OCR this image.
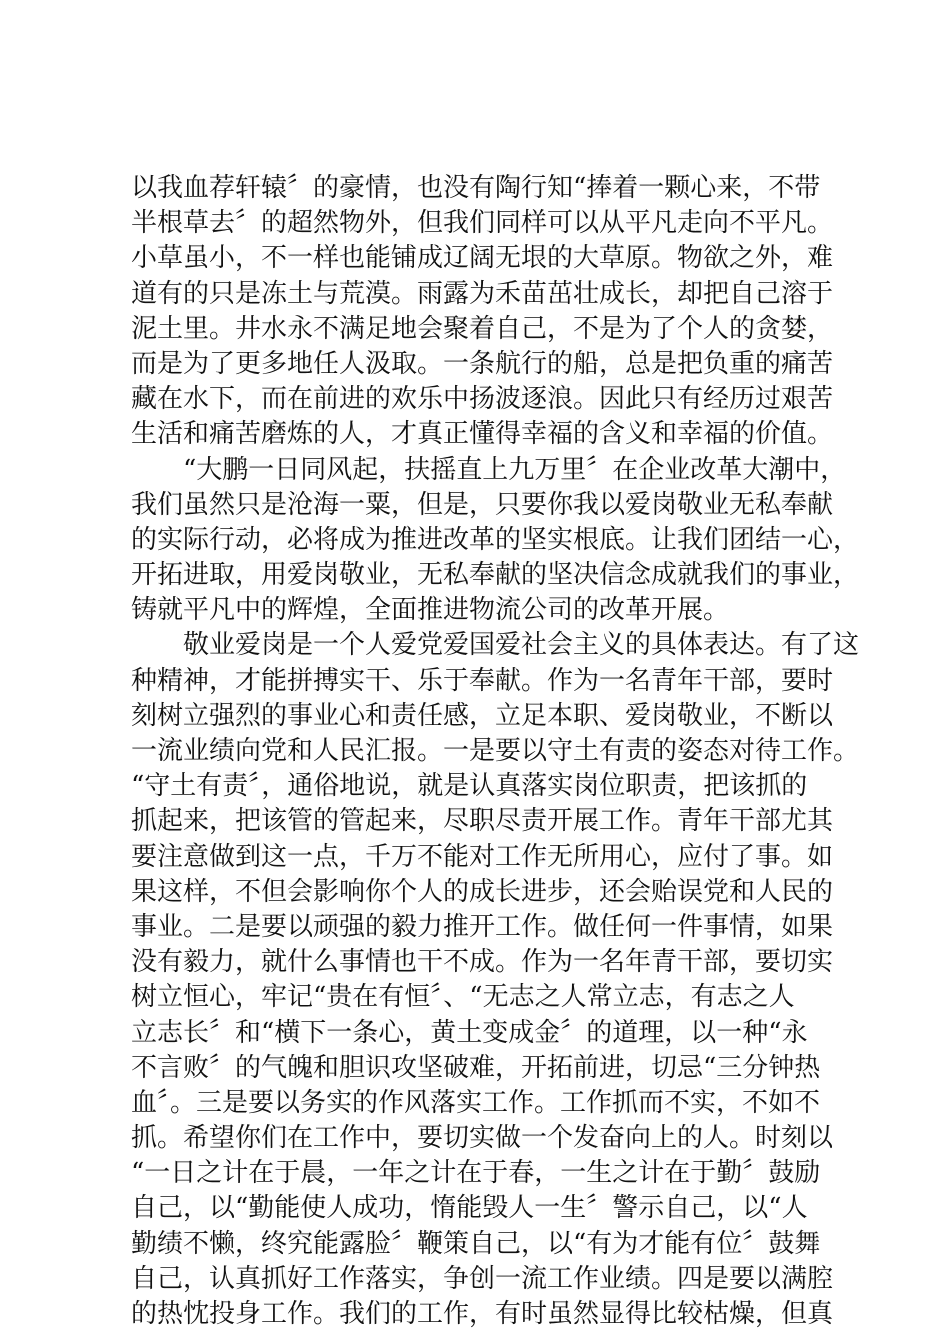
以我血荐轩辕〞的豪情，也没有陶行知“捧着一颗心来，不带
半根草去〞的超然物外，但我们同样可以从平凡走向不平凡。
小草虽小，不一样也能铺成辽阔无垠的大草原。物欲之外，难
道有的只是冻土与荒漠。雨露为禾苗茁壮成长，却把自己溶于
泥土里。井水永不满足地会聚着自己，不是为了个人的贪婪，
而是为了更多地任人汲取。一条航行的船，总是把负重的痛苦
藏在水下，而在前进的欢乐中扬波逐浪。因此只有经历过艰苦
生活和痛苦磨炼的人，才真正懂得幸福的含义和幸福的价值。
“大鹏一日同风起，扶摇直上九万里〞在企业改革大潮中，
我们虽然只是沧海一粟，但是，只要你我以爱岗敬业无私奉献
的实际行动，必将成为推进改革的坚实根底。让我们团结一心，
开拓进取，用爱岗敬业，无私奉献的坚决信念成就我们的事业，
铸就平凡中的辉煌，全面推进物流公司的改革开展。
敬业爱岗是一个人爱党爱国爱社会主义的具体表达。有了这
种精神，才能拼搏实干、乐于奉献。作为一名青年干部，要时
刻树立强烈的事业心和责任感，立足本职、爱岗敬业，不断以
一流业绩向党和人民汇报。一是要以守土有责的姿态对待工作。
“守土有责〞，通俗地说，就是认真落实岗位职责，把该抓的
抓起来，把该管的管起来，尽职尽责开展工作。青年干部尤其
要注意做到这一点，千万不能对工作无所用心，应付了事。如
果这样，不但会影响你个人的成长进步，还会贻误党和人民的
事业。二是要以顽强的毅力推开工作。做任何一件事情，如果
没有毅力，就什么事情也干不成。作为一名年青干部，要切实
树立恒心，牢记“贵在有恒〞、“无志之人常立志，有志之人
立志长〞和“横下一条心，黄土变成金〞的道理，以一种“永
不言败〞的气魄和胆识攻坚破难，开拓前进，切忌“三分钟热
血〞。三是要以务实的作风落实工作。工作抓而不实，不如不
抓。希望你们在工作中，要切实做一个发奋向上的人。时刻以
“一日之计在于晨，一年之计在于春，一生之计在于勤〞鼓励
自己，以“勤能使人成功，惰能毁人一生〞警示自己，以“人
勤绩不懒，终究能露脸〞鞭策自己，以“有为才能有位〞鼓舞
自己，认真抓好工作落实，争创一流工作业绩。四是要以满腔
的热忱投身工作。我们的工作，有时虽然显得比较枯燥，但真
